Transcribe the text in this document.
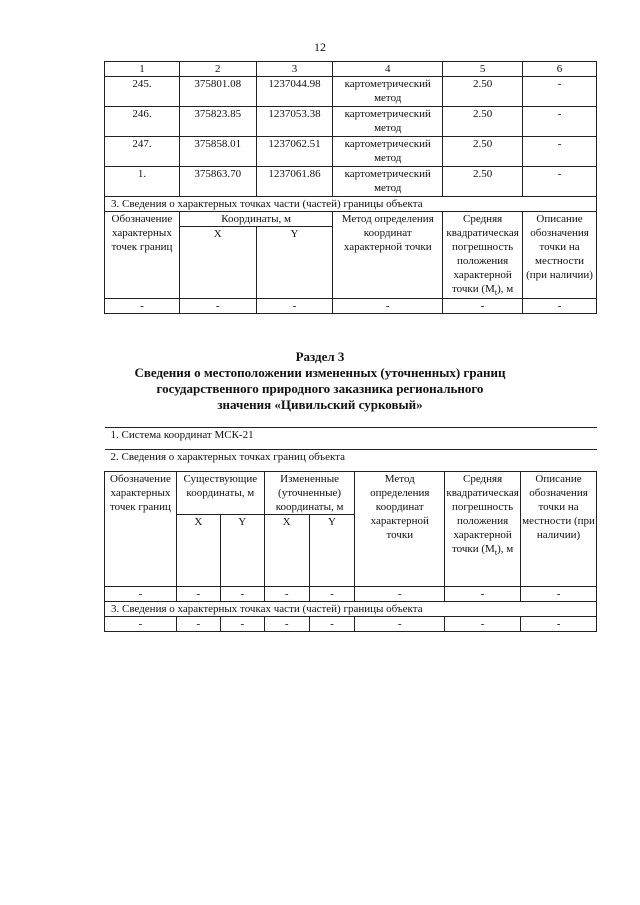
12
1	2	3	4	5	6
245.	375801.08	1237044.98	картометрический метод	2.50	-
246.	375823.85	1237053.38	картометрический метод	2.50	-
247.	375858.01	1237062.51	картометрический метод	2.50	-
1.	375863.70	1237061.86	картометрический метод	2.50	-
3. Сведения о характерных точках части (частей) границы объекта					
Обозначение характерных точек границ	Координаты, м		Метод определения координат характерной точки	Средняя квадратическая погрешность положения характерной точки $(M_t)$, м	Описание обозначения точки на местности (при наличии)
	X	Y			
-	-	-	-	-	-
Раздел 3
Сведения о местоположении измененных (уточненных) границ государственного природного заказника регионального значения «Цивильский сурковый»
1. Система координат МСК-21							
2. Сведения о характерных точках границ объекта							
Обозначение характерных точек границ	Существующие координаты, м		Измененные (уточненные) координаты, м		Метод определения координат характерной точки	Средняя квадратическая погрешность положения характерной точки $(M_t)$, м	Описание обозначения точки на местности (при наличии)
	X	Y	X	Y			
-	-	-	-	-	-	-	-
3. Сведения о характерных точках части (частей) границы объекта							
-	-	-	-	-	-	-	-
